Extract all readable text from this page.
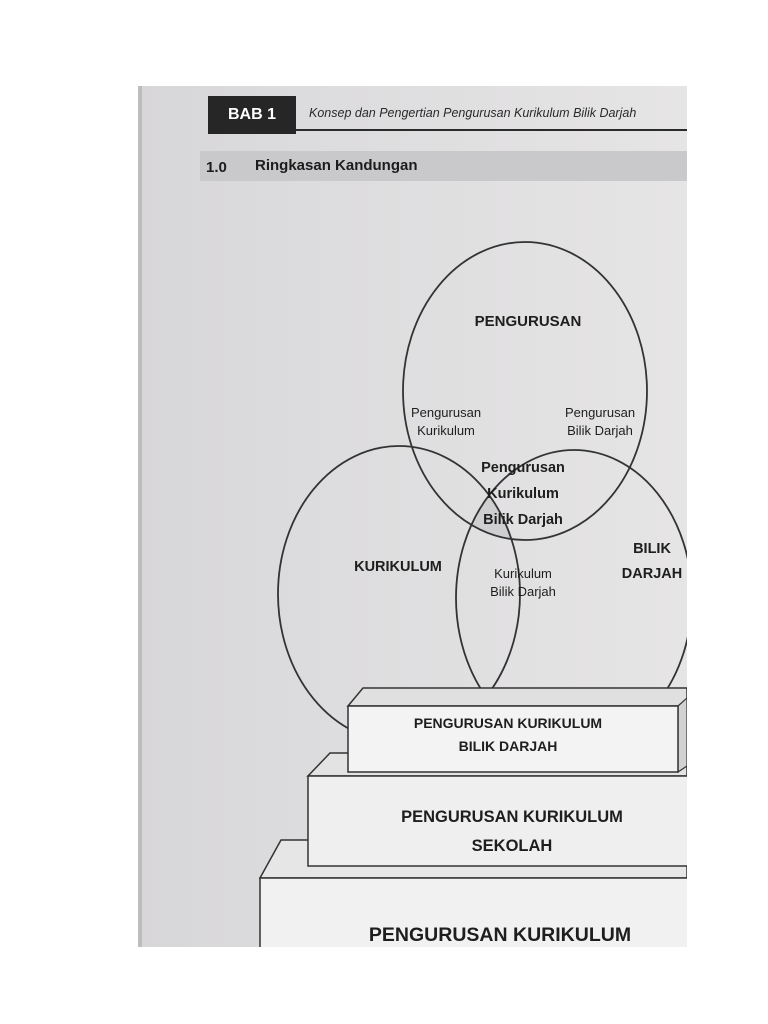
BAB 1	Konsep dan Pengertian Pengurusan Kurikulum Bilik Darjah
1.0 Ringkasan Kandungan
PENGURUSAN
KURIKULUM
BILIK
DARJAH
Pengurusan
Kurikulum
Pengurusan
Bilik Darjah
Kurikulum
Bilik Darjah
Pengurusan
Kurikulum
Bilik Darjah
PENGURUSAN KURIKULUM
PENGURUSAN KURIKULUM
SEKOLAH
PENGURUSAN KURIKULUM
BILIK DARJAH
